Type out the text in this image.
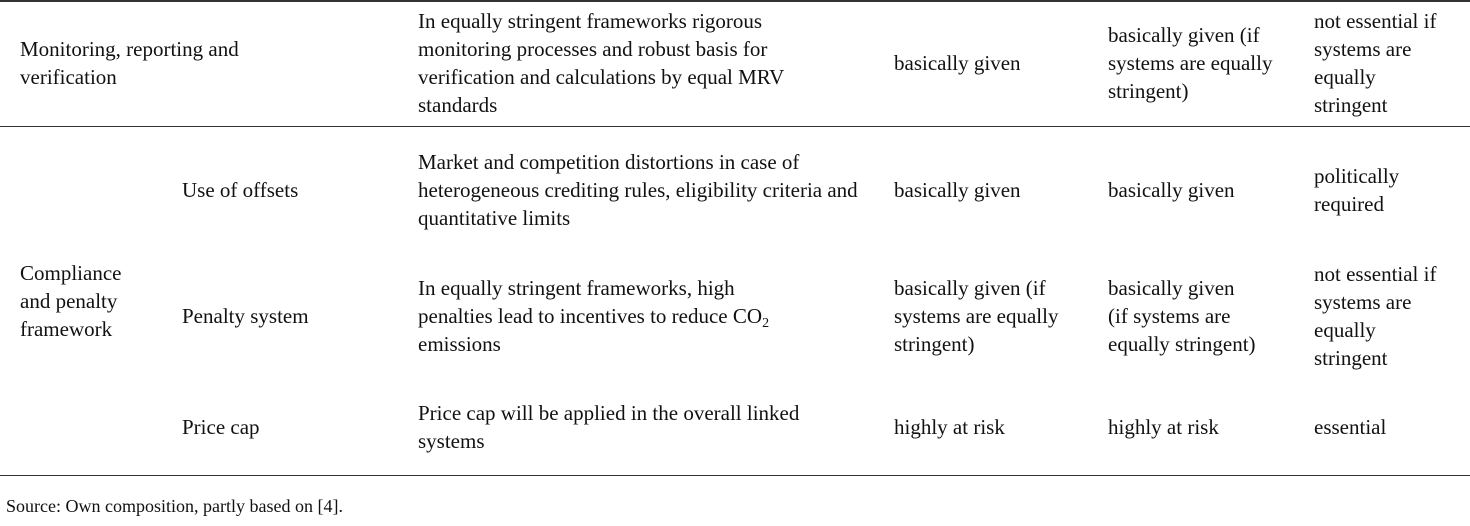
Monitoring, reporting and verification		In equally stringent frameworks rigorous monitoring processes and robust basis for verification and calculations by equal MRV standards	basically given	basically given (if systems are equally stringent)	not essential if systems are equally stringent

Compliance and penalty framework	Use of offsets	Market and competition distortions in case of heterogeneous crediting rules, eligibility criteria and quantitative limits	basically given	basically given	politically required

	Penalty system	In equally stringent frameworks, high penalties lead to incentives to reduce $CO_2$ emissions	basically given (if systems are equally stringent)	basically given (if systems are equally stringent)	not essential if systems are equally stringent

	Price cap	Price cap will be applied in the overall linked systems	highly at risk	highly at risk	essential
Source: Own composition, partly based on [4].
